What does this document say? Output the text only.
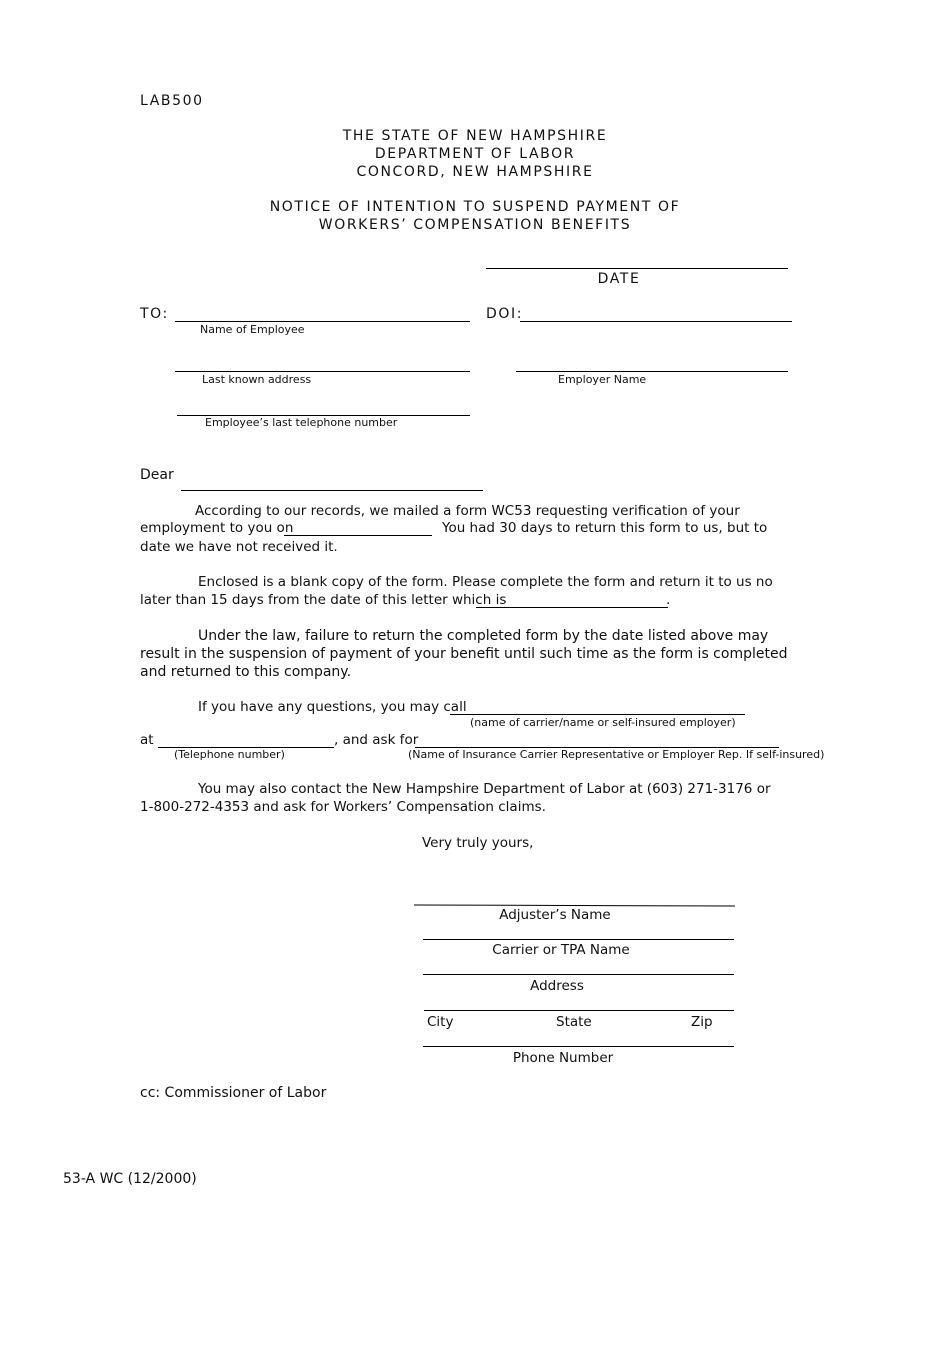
LAB500
THE STATE OF NEW HAMPSHIRE
DEPARTMENT OF LABOR
CONCORD, NEW HAMPSHIRE
NOTICE OF INTENTION TO SUSPEND PAYMENT OF
WORKERS’ COMPENSATION BENEFITS
DATE
TO:
Name of Employee
DOI:
Last known address	Employer Name
Employee’s last telephone number
Dear
According to our records, we mailed a form WC53 requesting verification of your
employment to you on	You had 30 days to return this form to us, but to
date we have not received it.
Enclosed is a blank copy of the form. Please complete the form and return it to us no
later than 15 days from the date of this letter which is	.
Under the law, failure to return the completed form by the date listed above may
result in the suspension of payment of your benefit until such time as the form is completed
and returned to this company.
If you have any questions, you may call
(name of carrier/name or self-insured employer)
at	, and ask for
(Telephone number)	(Name of Insurance Carrier Representative or Employer Rep. If self-insured)
You may also contact the New Hampshire Department of Labor at (603) 271-3176 or
1-800-272-4353 and ask for Workers’ Compensation claims.
Very truly yours,
Adjuster’s Name
Carrier or TPA Name
Address
City	State	Zip
Phone Number
cc: Commissioner of Labor
53-A WC (12/2000)
